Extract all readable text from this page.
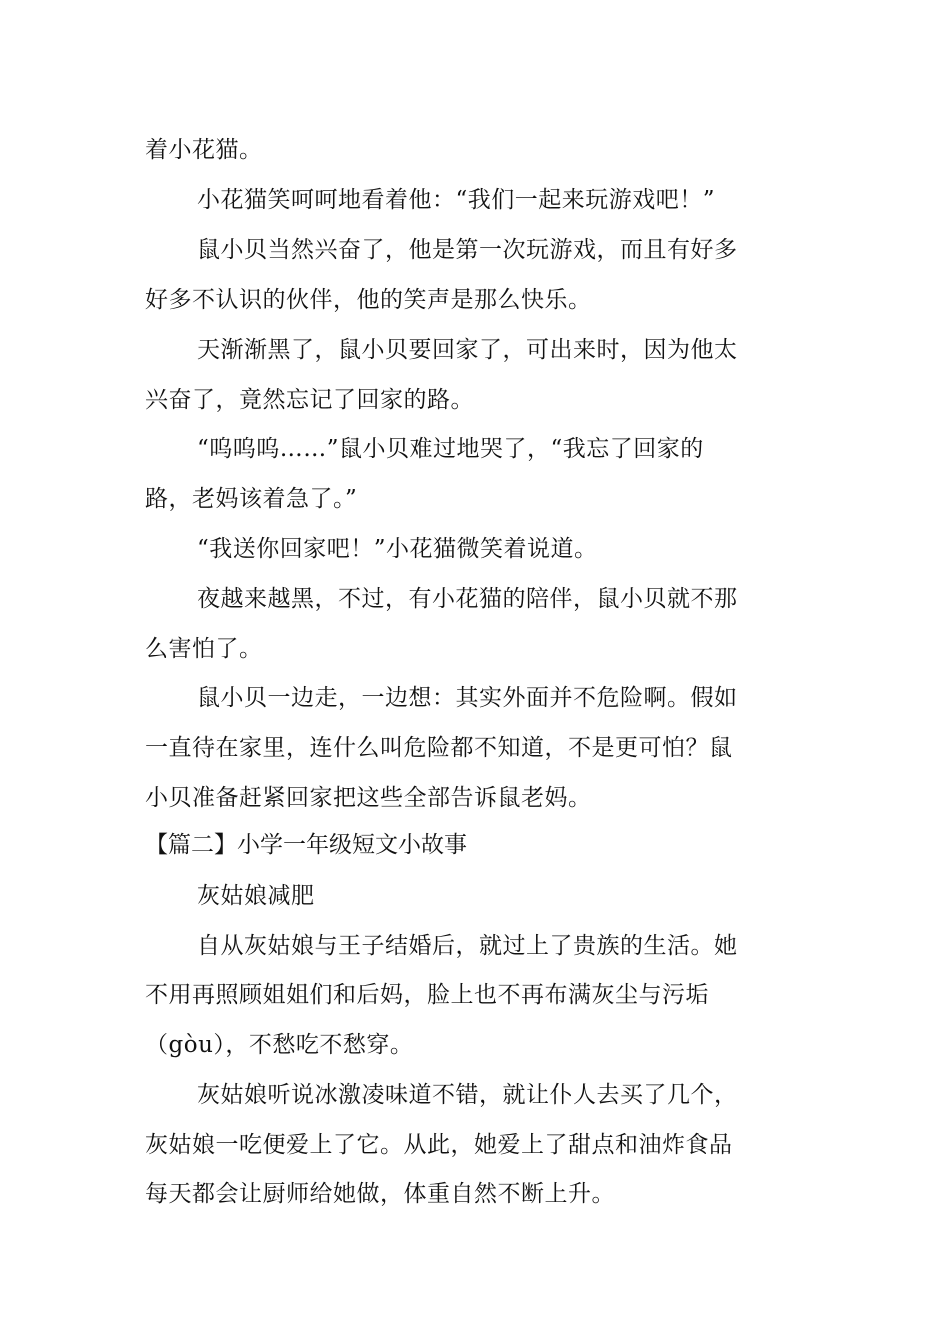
着小花猫。
小花猫笑呵呵地看着他：“我们一起来玩游戏吧！”
鼠小贝当然兴奋了，他是第一次玩游戏，而且有好多
好多不认识的伙伴，他的笑声是那么快乐。
天渐渐黑了，鼠小贝要回家了，可出来时，因为他太
兴奋了，竟然忘记了回家的路。
“呜呜呜……”鼠小贝难过地哭了，“我忘了回家的
路，老妈该着急了。”
“我送你回家吧！”小花猫微笑着说道。
夜越来越黑，不过，有小花猫的陪伴，鼠小贝就不那
么害怕了。
鼠小贝一边走，一边想：其实外面并不危险啊。假如
一直待在家里，连什么叫危险都不知道，不是更可怕？鼠
小贝准备赶紧回家把这些全部告诉鼠老妈。
【篇二】小学一年级短文小故事
灰姑娘减肥
自从灰姑娘与王子结婚后，就过上了贵族的生活。她
不用再照顾姐姐们和后妈，脸上也不再布满灰尘与污垢
（gòu），不愁吃不愁穿。
灰姑娘听说冰激凌味道不错，就让仆人去买了几个，
灰姑娘一吃便爱上了它。从此，她爱上了甜点和油炸食品
每天都会让厨师给她做，体重自然不断上升。
